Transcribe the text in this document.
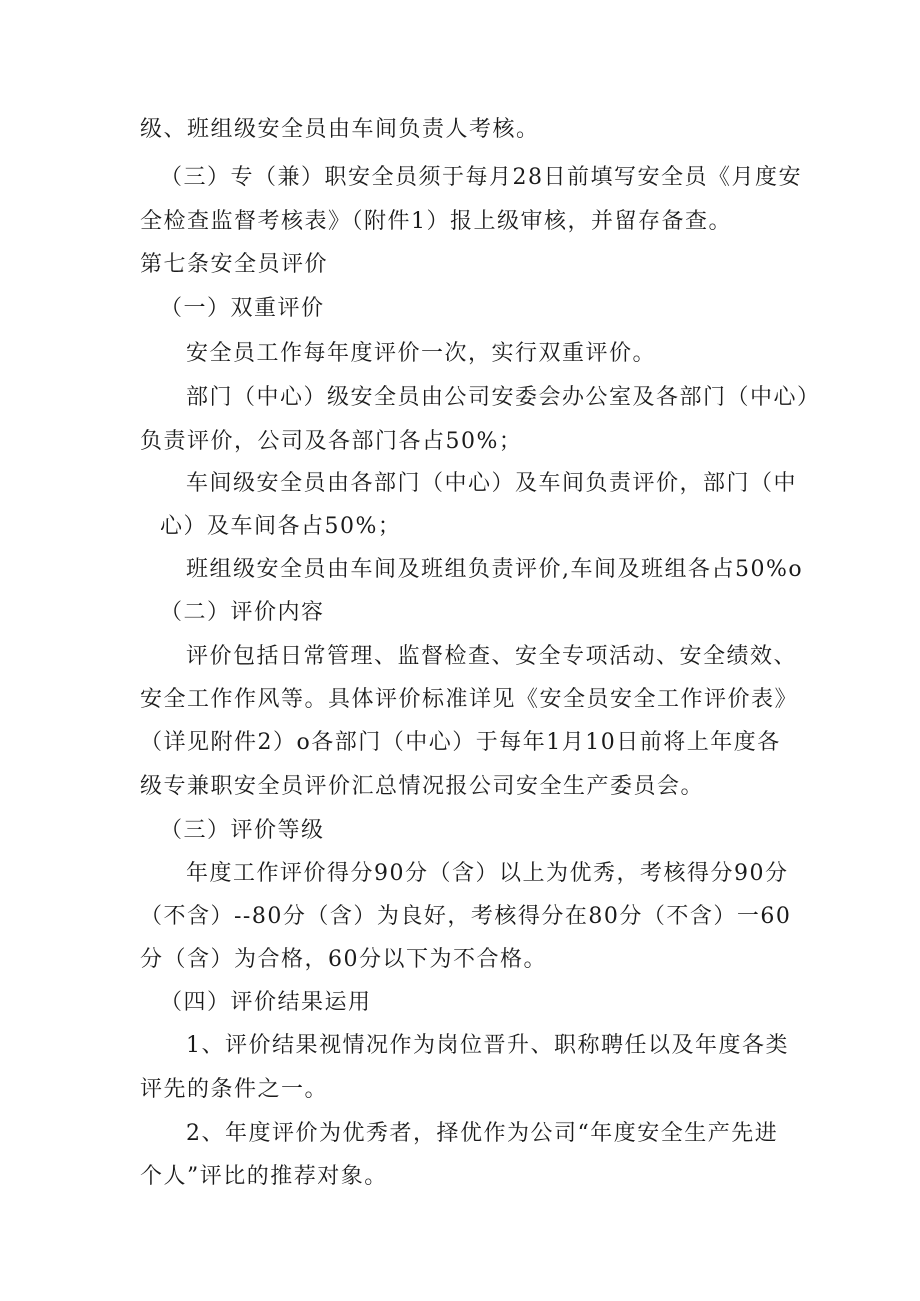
级、班组级安全员由车间负责人考核。
（三）专（兼）职安全员须于每月28日前填写安全员《月度安
全检查监督考核表》（附件1）报上级审核，并留存备查。
第七条安全员评价
（一）双重评价
安全员工作每年度评价一次，实行双重评价。
部门（中心）级安全员由公司安委会办公室及各部门（中心）
负责评价，公司及各部门各占50%；
车间级安全员由各部门（中心）及车间负责评价，部门（中
心）及车间各占50%；
班组级安全员由车间及班组负责评价,车间及班组各占50%o
（二）评价内容
评价包括日常管理、监督检查、安全专项活动、安全绩效、
安全工作作风等。具体评价标准详见《安全员安全工作评价表》
（详见附件2）o各部门（中心）于每年1月10日前将上年度各
级专兼职安全员评价汇总情况报公司安全生产委员会。
（三）评价等级
年度工作评价得分90分（含）以上为优秀，考核得分90分
（不含）--80分（含）为良好，考核得分在80分（不含）一60
分（含）为合格，60分以下为不合格。
（四）评价结果运用
1、评价结果视情况作为岗位晋升、职称聘任以及年度各类
评先的条件之一。
2、年度评价为优秀者，择优作为公司“年度安全生产先进
个人”评比的推荐对象。
